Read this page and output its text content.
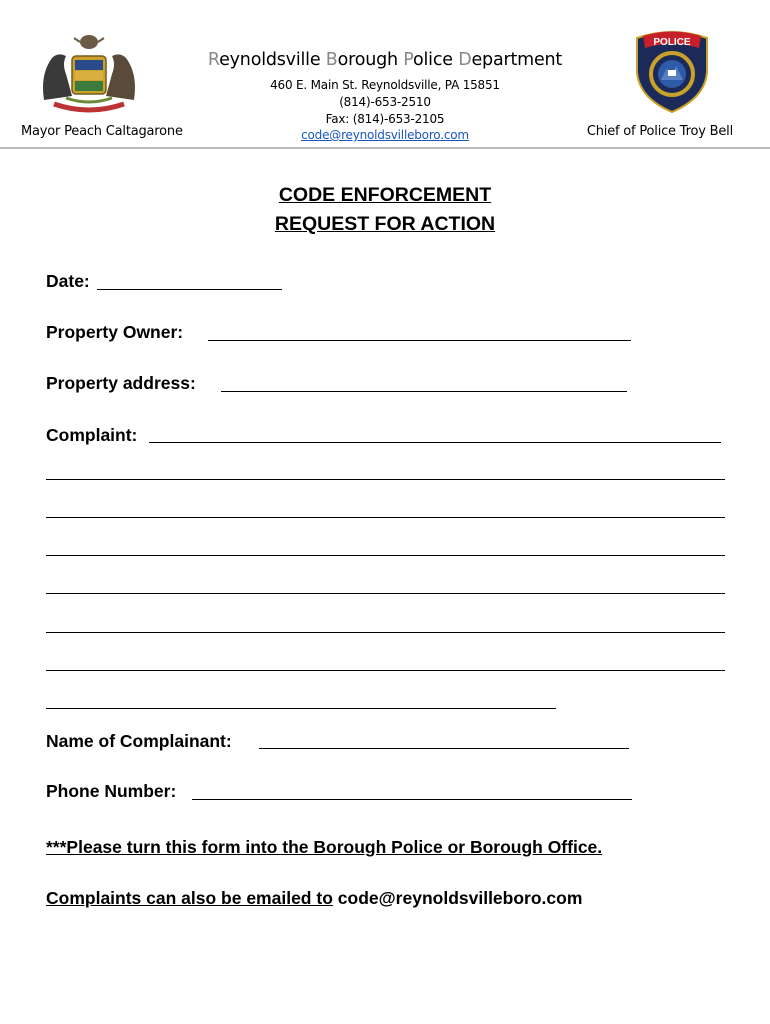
Mayor Peach Caltagarone
Reynoldsville Borough Police Department
460 E. Main St. Reynoldsville, PA 15851
(814)-653-2510
Fax: (814)-653-2105
code@reynoldsvilleboro.com	Chief of Police Troy Bell
POLICE
CODE ENFORCEMENT
REQUEST FOR ACTION
Date:
Property Owner:
Property address:
Complaint:
Name of Complainant:
Phone Number:
***Please turn this form into the Borough Police or Borough Office.
Complaints can also be emailed to code@reynoldsvilleboro.com
